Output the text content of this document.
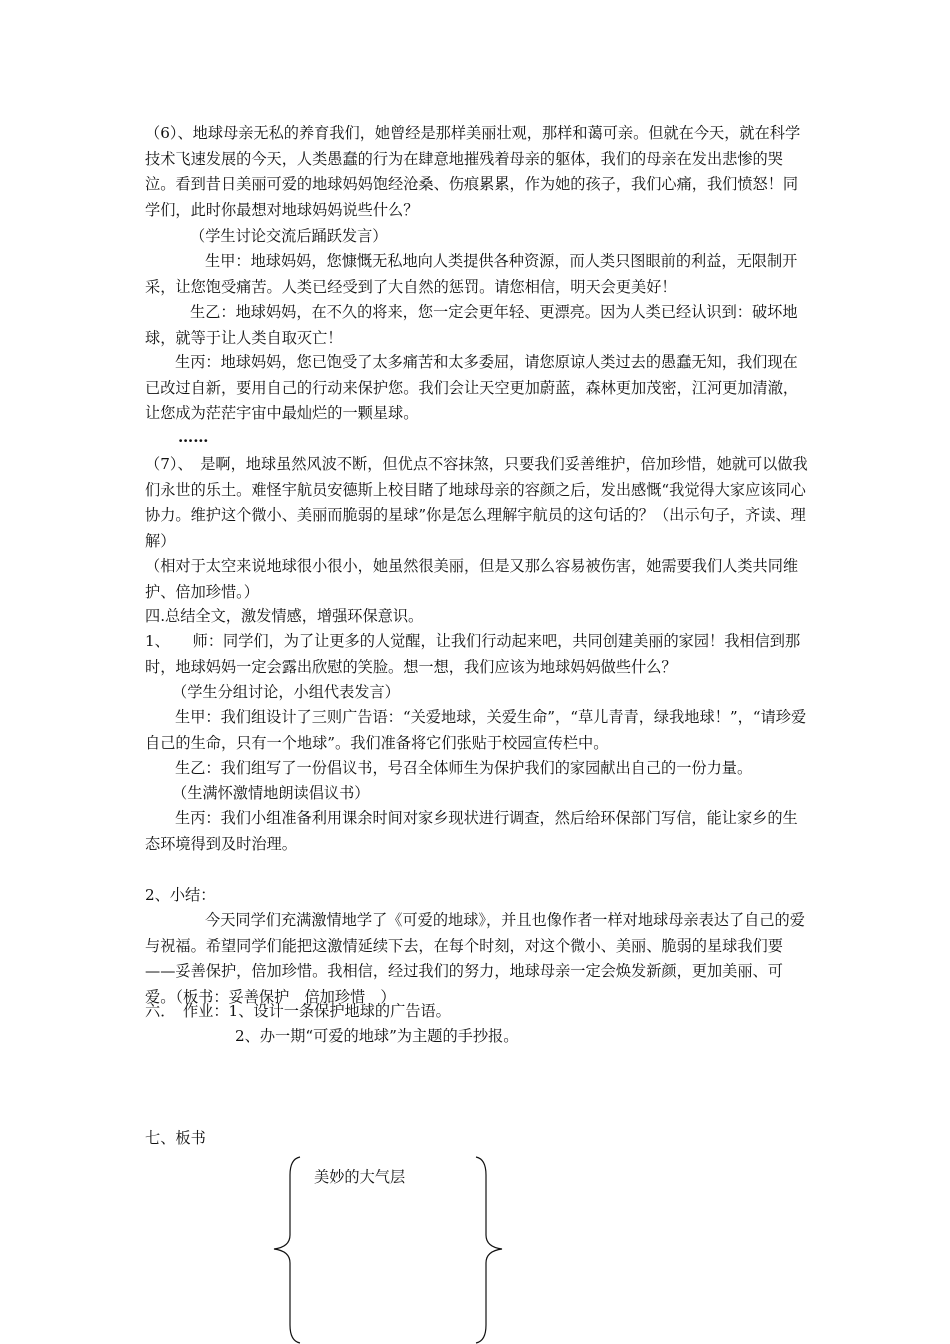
（6）、地球母亲无私的养育我们，她曾经是那样美丽壮观，那样和蔼可亲。但就在今天，就在科学技术飞速发展的今天，人类愚蠢的行为在肆意地摧残着母亲的躯体，我们的母亲在发出悲惨的哭泣。看到昔日美丽可爱的地球妈妈饱经沧桑、伤痕累累，作为她的孩子，我们心痛，我们愤怒！同学们，此时你最想对地球妈妈说些什么？

（学生讨论交流后踊跃发言）

生甲：地球妈妈，您慷慨无私地向人类提供各种资源，而人类只图眼前的利益，无限制开采，让您饱受痛苦。人类已经受到了大自然的惩罚。请您相信，明天会更美好！

生乙：地球妈妈，在不久的将来，您一定会更年轻、更漂亮。因为人类已经认识到：破坏地球，就等于让人类自取灭亡！

生丙：地球妈妈，您已饱受了太多痛苦和太多委屈，请您原谅人类过去的愚蠢无知，我们现在已改过自新，要用自己的行动来保护您。我们会让天空更加蔚蓝，森林更加茂密，江河更加清澈，让您成为茫茫宇宙中最灿烂的一颗星球。

……

（7）、　是啊，地球虽然风波不断，但优点不容抹煞，只要我们妥善维护，倍加珍惜，她就可以做我们永世的乐土。难怪宇航员安德斯上校目睹了地球母亲的容颜之后，发出感慨“我觉得大家应该同心协力。维护这个微小、美丽而脆弱的星球”你是怎么理解宇航员的这句话的？（出示句子，齐读、理解）

（相对于太空来说地球很小很小，她虽然很美丽，但是又那么容易被伤害，她需要我们人类共同维护、倍加珍惜。）

四.总结全文，激发情感，增强环保意识。

1、　　师：同学们，为了让更多的人觉醒，让我们行动起来吧，共同创建美丽的家园！我相信到那时，地球妈妈一定会露出欣慰的笑脸。想一想，我们应该为地球妈妈做些什么？

（学生分组讨论，小组代表发言）

生甲：我们组设计了三则广告语：“关爱地球，关爱生命”，“草儿青青，绿我地球！”，“请珍爱自己的生命，只有一个地球”。我们准备将它们张贴于校园宣传栏中。

生乙：我们组写了一份倡议书，号召全体师生为保护我们的家园献出自己的一份力量。

（生满怀激情地朗读倡议书）

生丙：我们小组准备利用课余时间对家乡现状进行调查，然后给环保部门写信，能让家乡的生态环境得到及时治理。

2、小结：

今天同学们充满激情地学了《可爱的地球》，并且也像作者一样对地球母亲表达了自己的爱与祝福。希望同学们能把这激情延续下去，在每个时刻，对这个微小、美丽、脆弱的星球我们要——妥善保护，倍加珍惜。我相信，经过我们的努力，地球母亲一定会焕发新颜，更加美丽、可爱。（板书：妥善保护　倍加珍惜　）

六．　作业：1、设计一条保护地球的广告语。

2、办一期“可爱的地球”为主题的手抄报。

七、板书

美妙的大气层
